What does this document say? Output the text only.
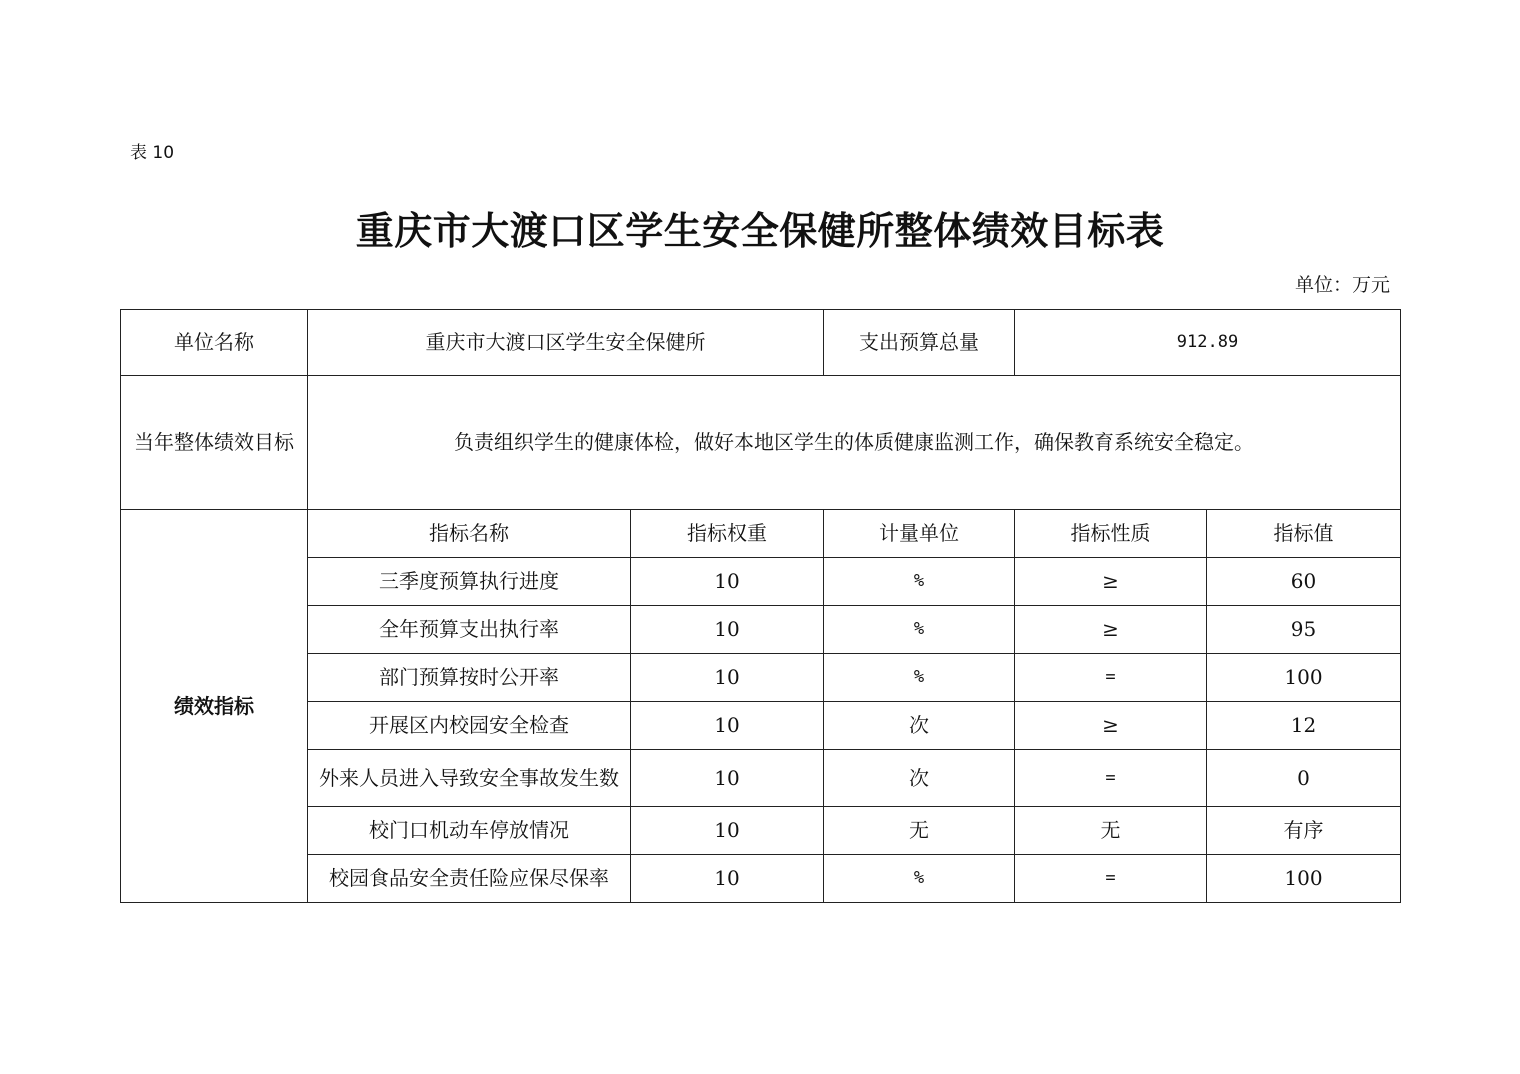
表 10
重庆市大渡口区学生安全保健所整体绩效目标表
单位：万元
单位名称	重庆市大渡口区学生安全保健所		支出预算总量	912.89	
当年整体绩效目标	负责组织学生的健康体检，做好本地区学生的体质健康监测工作，确保教育系统安全稳定。				
绩效指标	指标名称	指标权重	计量单位	指标性质	指标值
	三季度预算执行进度	10	%	≥	60
	全年预算支出执行率	10	%	≥	95
	部门预算按时公开率	10	%	=	100
	开展区内校园安全检查	10	次	≥	12
	外来人员进入导致安全事故发生数	10	次	=	0
	校门口机动车停放情况	10	无	无	有序
	校园食品安全责任险应保尽保率	10	%	=	100
